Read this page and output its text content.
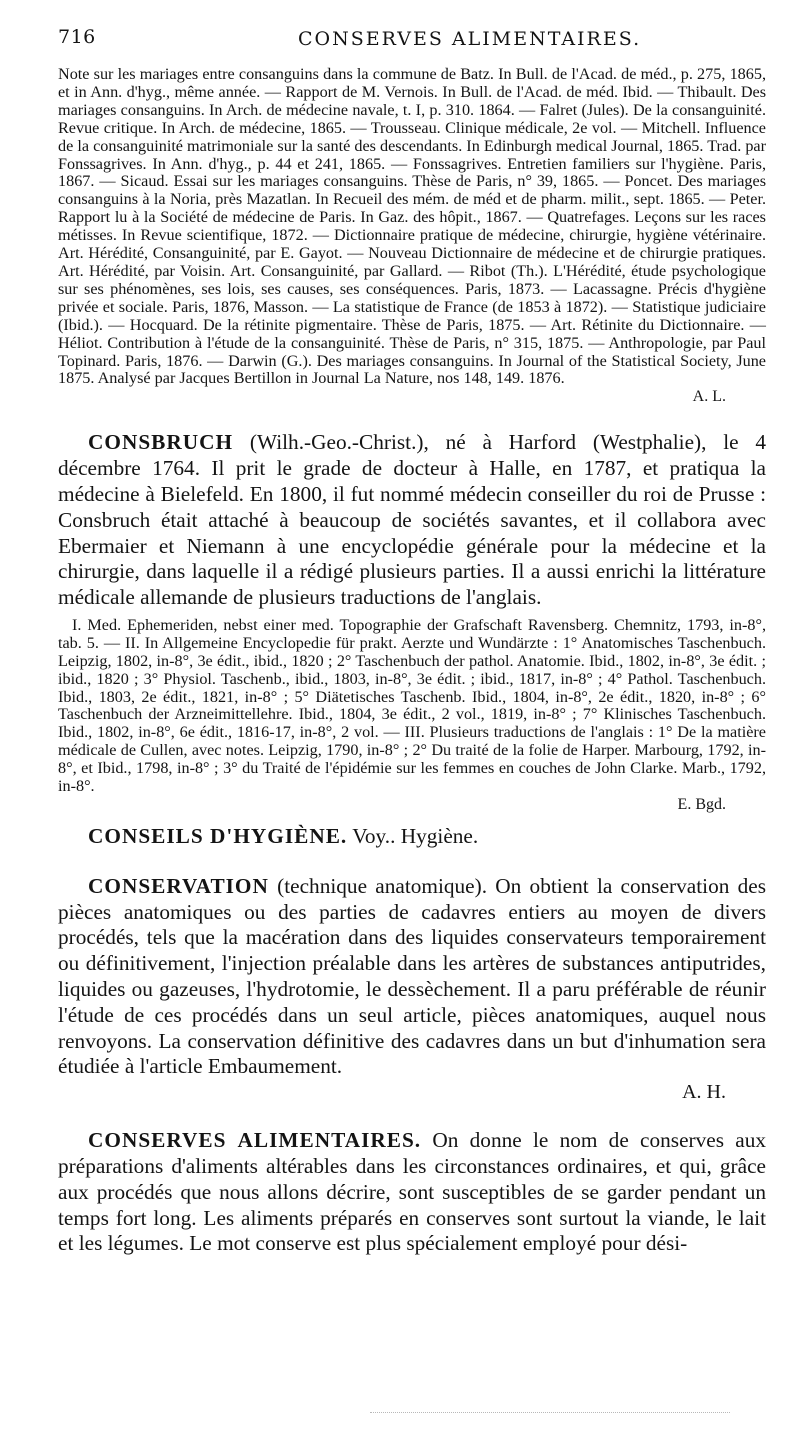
716	CONSERVES ALIMENTAIRES.

Note sur les mariages entre consanguins dans la commune de Batz. In Bull. de l'Acad. de méd., p. 275, 1865, et in Ann. d'hyg., même année. — Rapport de M. Vernois. In Bull. de l'Acad. de méd. Ibid. — Thibault. Des mariages consanguins. In Arch. de médecine navale, t. I, p. 310. 1864. — Falret (Jules). De la consanguinité. Revue critique. In Arch. de médecine, 1865. — Trousseau. Clinique médicale, 2e vol. — Mitchell. Influence de la consanguinité matrimoniale sur la santé des descendants. In Edinburgh medical Journal, 1865. Trad. par Fonssagrives. In Ann. d'hyg., p. 44 et 241, 1865. — Fonssagrives. Entretien familiers sur l'hygiène. Paris, 1867. — Sicaud. Essai sur les mariages consanguins. Thèse de Paris, n° 39, 1865. — Poncet. Des mariages consanguins à la Noria, près Mazatlan. In Recueil des mém. de méd et de pharm. milit., sept. 1865. — Peter. Rapport lu à la Société de médecine de Paris. In Gaz. des hôpit., 1867. — Quatrefages. Leçons sur les races métisses. In Revue scientifique, 1872. — Dictionnaire pratique de médecine, chirurgie, hygiène vétérinaire. Art. Hérédité, Consanguinité, par E. Gayot. — Nouveau Dictionnaire de médecine et de chirurgie pratiques. Art. Hérédité, par Voisin. Art. Consanguinité, par Gallard. — Ribot (Th.). L'Hérédité, étude psychologique sur ses phénomènes, ses lois, ses causes, ses conséquences. Paris, 1873. — Lacassagne. Précis d'hygiène privée et sociale. Paris, 1876, Masson. — La statistique de France (de 1853 à 1872). — Statistique judiciaire (Ibid.). — Hocquard. De la rétinite pigmentaire. Thèse de Paris, 1875. — Art. Rétinite du Dictionnaire. — Héliot. Contribution à l'étude de la consanguinité. Thèse de Paris, n° 315, 1875. — Anthropologie, par Paul Topinard. Paris, 1876. — Darwin (G.). Des mariages consanguins. In Journal of the Statistical Society, June 1875. Analysé par Jacques Bertillon in Journal La Nature, nos 148, 149. 1876.

A. L.

CONSBRUCH (Wilh.-Geo.-Christ.), né à Harford (Westphalie), le 4 décembre 1764. Il prit le grade de docteur à Halle, en 1787, et pratiqua la médecine à Bielefeld. En 1800, il fut nommé médecin conseiller du roi de Prusse : Consbruch était attaché à beaucoup de sociétés savantes, et il collabora avec Ebermaier et Niemann à une encyclopédie générale pour la médecine et la chirurgie, dans laquelle il a rédigé plusieurs parties. Il a aussi enrichi la littérature médicale allemande de plusieurs traductions de l'anglais.

I. Med. Ephemeriden, nebst einer med. Topographie der Grafschaft Ravensberg. Chemnitz, 1793, in-8°, tab. 5. — II. In Allgemeine Encyclopedie für prakt. Aerzte und Wundärzte : 1° Anatomisches Taschenbuch. Leipzig, 1802, in-8°, 3e édit., ibid., 1820 ; 2° Taschenbuch der pathol. Anatomie. Ibid., 1802, in-8°, 3e édit. ; ibid., 1820 ; 3° Physiol. Taschenb., ibid., 1803, in-8°, 3e édit. ; ibid., 1817, in-8° ; 4° Pathol. Taschenbuch. Ibid., 1803, 2e édit., 1821, in-8° ; 5° Diätetisches Taschenb. Ibid., 1804, in-8°, 2e édit., 1820, in-8° ; 6° Taschenbuch der Arzneimittellehre. Ibid., 1804, 3e édit., 2 vol., 1819, in-8° ; 7° Klinisches Taschenbuch. Ibid., 1802, in-8°, 6e édit., 1816-17, in-8°, 2 vol. — III. Plusieurs traductions de l'anglais : 1° De la matière médicale de Cullen, avec notes. Leipzig, 1790, in-8° ; 2° Du traité de la folie de Harper. Marbourg, 1792, in-8°, et Ibid., 1798, in-8° ; 3° du Traité de l'épidémie sur les femmes en couches de John Clarke. Marb., 1792, in-8°.

E. Bgd.

CONSEILS D'HYGIÈNE. Voy.. Hygiène.

CONSERVATION (technique anatomique). On obtient la conservation des pièces anatomiques ou des parties de cadavres entiers au moyen de divers procédés, tels que la macération dans des liquides conservateurs temporairement ou définitivement, l'injection préalable dans les artères de substances antiputrides, liquides ou gazeuses, l'hydrotomie, le dessèchement. Il a paru préférable de réunir l'étude de ces procédés dans un seul article, pièces anatomiques, auquel nous renvoyons. La conservation définitive des cadavres dans un but d'inhumation sera étudiée à l'article Embaumement.

A. H.

CONSERVES ALIMENTAIRES. On donne le nom de conserves aux préparations d'aliments altérables dans les circonstances ordinaires, et qui, grâce aux procédés que nous allons décrire, sont susceptibles de se garder pendant un temps fort long. Les aliments préparés en conserves sont surtout la viande, le lait et les légumes. Le mot conserve est plus spécialement employé pour dési-
